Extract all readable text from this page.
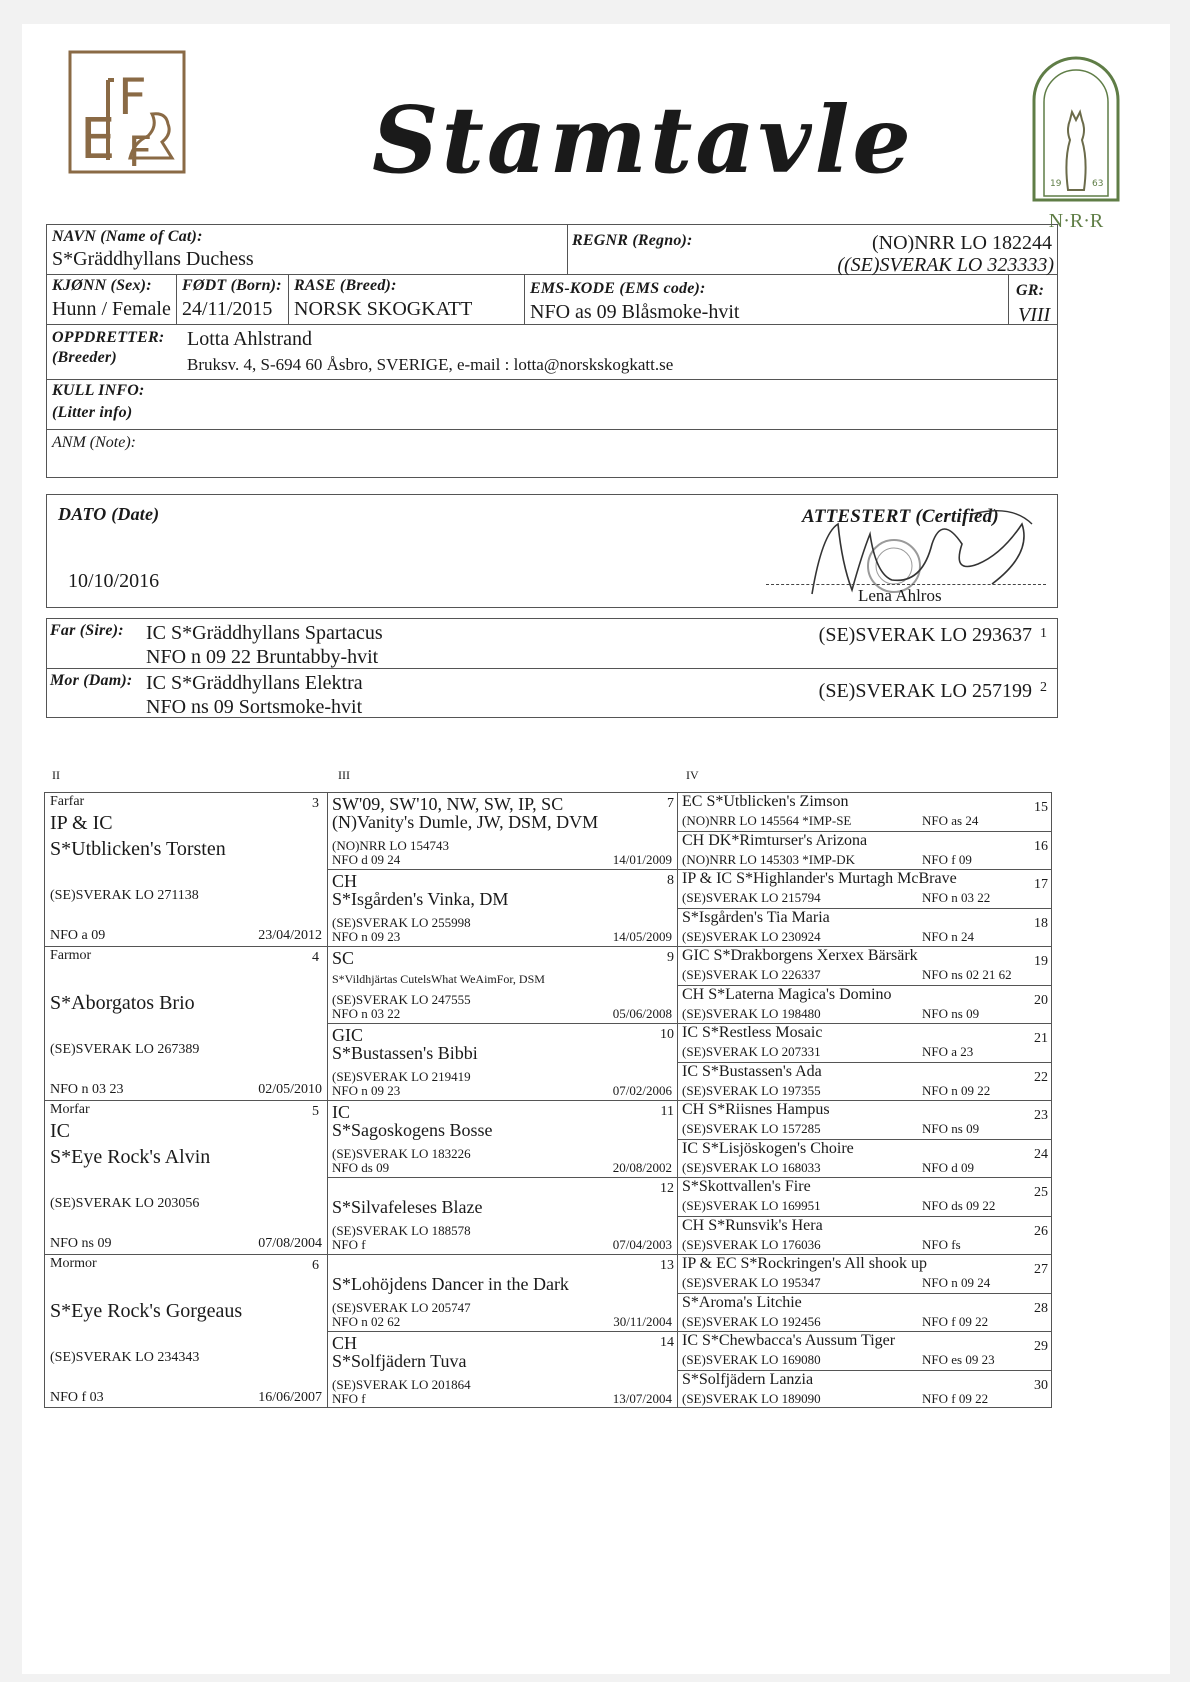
E
F
F Stamtavle	19	63
N·R·R
NAVN (Name of Cat):
S*Gräddhyllans Duchess
REGNR (Regno):	(NO)NRR LO 182244
((SE)SVERAK LO 323333)
KJØNN (Sex):
Hunn / Female
FØDT (Born):
24/11/2015
RASE (Breed):
NORSK SKOGKATT
EMS-KODE (EMS code):
NFO as 09 Blåsmoke-hvit
GR:
VIII
OPPDRETTER:
(Breeder)
Lotta Ahlstrand
Bruksv. 4, S-694 60 Åsbro, SVERIGE, e-mail : lotta@norskskogkatt.se
KULL INFO:
(Litter info)
ANM (Note):
DATO (Date)
10/10/2016
ATTESTERT (Certified)
Lena Ahlros
Far (Sire): IC S*Gräddhyllans Spartacus
NFO n 09 22 Bruntabby-hvit
(SE)SVERAK LO 293637 1
Mor (Dam): IC S*Gräddhyllans Elektra
NFO ns 09 Sortsmoke-hvit
(SE)SVERAK LO 257199 2
II	III	IV
Farfar	3
IP & IC
S*Utblicken's Torsten
(SE)SVERAK LO 271138
NFO a 09	23/04/2012
Farmor	4
S*Aborgatos Brio
(SE)SVERAK LO 267389
NFO n 03 23	02/05/2010
Morfar	5
IC
S*Eye Rock's Alvin
(SE)SVERAK LO 203056
NFO ns 09	07/08/2004
Mormor	6
S*Eye Rock's Gorgeaus
(SE)SVERAK LO 234343
NFO f 03	16/06/2007
7
SW'09, SW'10, NW, SW, IP, SC
(N)Vanity's Dumle, JW, DSM, DVM
(NO)NRR LO 154743
NFO d 09 24	14/01/2009
8
CH
S*Isgården's Vinka, DM
(SE)SVERAK LO 255998
NFO n 09 23	14/05/2009
9
SC
S*Vildhjärtas CutelsWhat WeAimFor, DSM
(SE)SVERAK LO 247555
NFO n 03 22	05/06/2008
10
GIC
S*Bustassen's Bibbi
(SE)SVERAK LO 219419
NFO n 09 23	07/02/2006
11
IC
S*Sagoskogens Bosse
(SE)SVERAK LO 183226
NFO ds 09	20/08/2002
12
S*Silvafeleses Blaze
(SE)SVERAK LO 188578
NFO f	07/04/2003
13
S*Lohöjdens Dancer in the Dark
(SE)SVERAK LO 205747
NFO n 02 62	30/11/2004
14
CH
S*Solfjädern Tuva
(SE)SVERAK LO 201864
NFO f	13/07/2004
EC S*Utblicken's Zimson
(NO)NRR LO 145564 *IMP-SE	NFO as 24
15
CH DK*Rimturser's Arizona
(NO)NRR LO 145303 *IMP-DK	NFO f 09
16
IP & IC S*Highlander's Murtagh McBrave
(SE)SVERAK LO 215794	NFO n 03 22
17
S*Isgården's Tia Maria
(SE)SVERAK LO 230924	NFO n 24
18
GIC S*Drakborgens Xerxex Bärsärk
(SE)SVERAK LO 226337	NFO ns 02 21 62
19
CH S*Laterna Magica's Domino
(SE)SVERAK LO 198480	NFO ns 09
20
IC S*Restless Mosaic
(SE)SVERAK LO 207331	NFO a 23
21
IC S*Bustassen's Ada
(SE)SVERAK LO 197355	NFO n 09 22
22
CH S*Riisnes Hampus
(SE)SVERAK LO 157285	NFO ns 09
23
IC S*Lisjöskogen's Choire
(SE)SVERAK LO 168033	NFO d 09
24
S*Skottvallen's Fire
(SE)SVERAK LO 169951	NFO ds 09 22
25
CH S*Runsvik's Hera
(SE)SVERAK LO 176036	NFO fs
26
IP & EC S*Rockringen's All shook up
(SE)SVERAK LO 195347	NFO n 09 24
27
S*Aroma's Litchie
(SE)SVERAK LO 192456	NFO f 09 22
28
IC S*Chewbacca's Aussum Tiger
(SE)SVERAK LO 169080	NFO es 09 23
29
S*Solfjädern Lanzia
(SE)SVERAK LO 189090	NFO f 09 22
30
